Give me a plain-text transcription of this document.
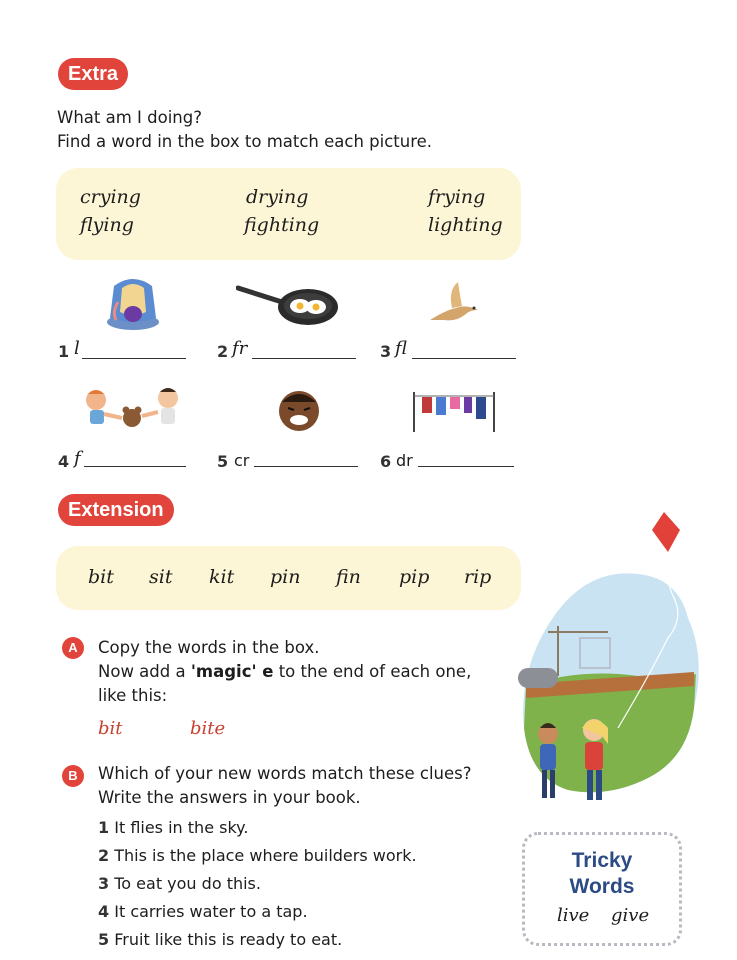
Extra
What am I doing?
Find a word in the box to match each picture.
crying	drying	frying
flying	fighting	lighting
1 l	2 fr	3 fl
4 f	5 cr	6 dr
Extension
bit sit kit pin fin pip rip
A	Copy the words in the box.
Now add a 'magic' e to the end of each one,
like this:
bit	bite
B	Which of your new words match these clues?
Write the answers in your book.
1 It flies in the sky.
2 This is the place where builders work.
3 To eat you do this.
4 It carries water to a tap.
5 Fruit like this is ready to eat.
Tricky
Words
live give
